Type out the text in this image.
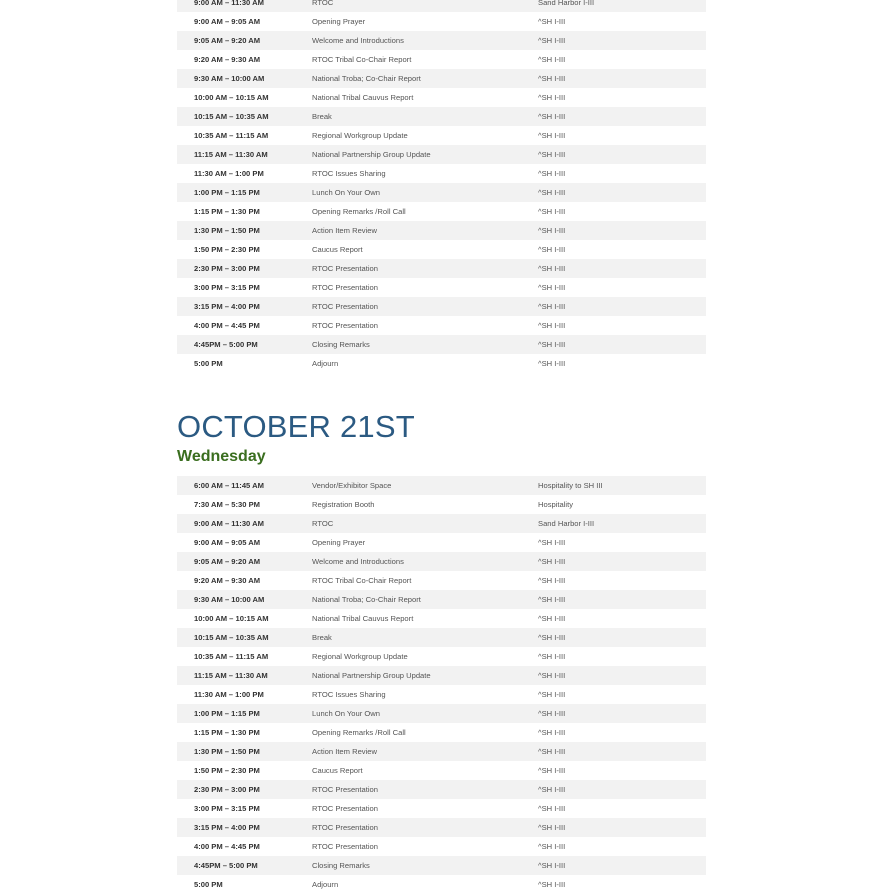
9:00 AM – 11:30 AM	RTOC	Sand Harbor I-III
9:00 AM – 9:05 AM	Opening Prayer	^SH I-III
9:05 AM – 9:20 AM	Welcome and Introductions	^SH I-III
9:20 AM – 9:30 AM	RTOC Tribal Co-Chair Report	^SH I-III
9:30 AM – 10:00 AM	National Troba; Co-Chair Report	^SH I-III
10:00 AM – 10:15 AM	National Tribal Cauvus Report	^SH I-III
10:15 AM – 10:35 AM	Break	^SH I-III
10:35 AM – 11:15 AM	Regional Workgroup Update	^SH I-III
11:15 AM – 11:30 AM	National Partnership Group Update	^SH I-III
11:30 AM – 1:00 PM	RTOC Issues Sharing	^SH I-III
1:00 PM – 1:15 PM	Lunch On Your Own	^SH I-III
1:15 PM – 1:30 PM	Opening Remarks /Roll Call	^SH I-III
1:30 PM – 1:50 PM	Action Item Review	^SH I-III
1:50 PM – 2:30 PM	Caucus Report	^SH I-III
2:30 PM – 3:00 PM	RTOC Presentation	^SH I-III
3:00 PM – 3:15 PM	RTOC Presentation	^SH I-III
3:15 PM – 4:00 PM	RTOC Presentation	^SH I-III
4:00 PM – 4:45 PM	RTOC Presentation	^SH I-III
4:45PM – 5:00 PM	Closing Remarks	^SH I-III
5:00 PM	Adjourn	^SH I-III
OCTOBER 21ST
Wednesday
6:00 AM – 11:45 AM	Vendor/Exhibitor Space	Hospitality to SH III
7:30 AM – 5:30 PM	Registration Booth	Hospitality
9:00 AM – 11:30 AM	RTOC	Sand Harbor I-III
9:00 AM – 9:05 AM	Opening Prayer	^SH I-III
9:05 AM – 9:20 AM	Welcome and Introductions	^SH I-III
9:20 AM – 9:30 AM	RTOC Tribal Co-Chair Report	^SH I-III
9:30 AM – 10:00 AM	National Troba; Co-Chair Report	^SH I-III
10:00 AM – 10:15 AM	National Tribal Cauvus Report	^SH I-III
10:15 AM – 10:35 AM	Break	^SH I-III
10:35 AM – 11:15 AM	Regional Workgroup Update	^SH I-III
11:15 AM – 11:30 AM	National Partnership Group Update	^SH I-III
11:30 AM – 1:00 PM	RTOC Issues Sharing	^SH I-III
1:00 PM – 1:15 PM	Lunch On Your Own	^SH I-III
1:15 PM – 1:30 PM	Opening Remarks /Roll Call	^SH I-III
1:30 PM – 1:50 PM	Action Item Review	^SH I-III
1:50 PM – 2:30 PM	Caucus Report	^SH I-III
2:30 PM – 3:00 PM	RTOC Presentation	^SH I-III
3:00 PM – 3:15 PM	RTOC Presentation	^SH I-III
3:15 PM – 4:00 PM	RTOC Presentation	^SH I-III
4:00 PM – 4:45 PM	RTOC Presentation	^SH I-III
4:45PM – 5:00 PM	Closing Remarks	^SH I-III
5:00 PM	Adjourn	^SH I-III
